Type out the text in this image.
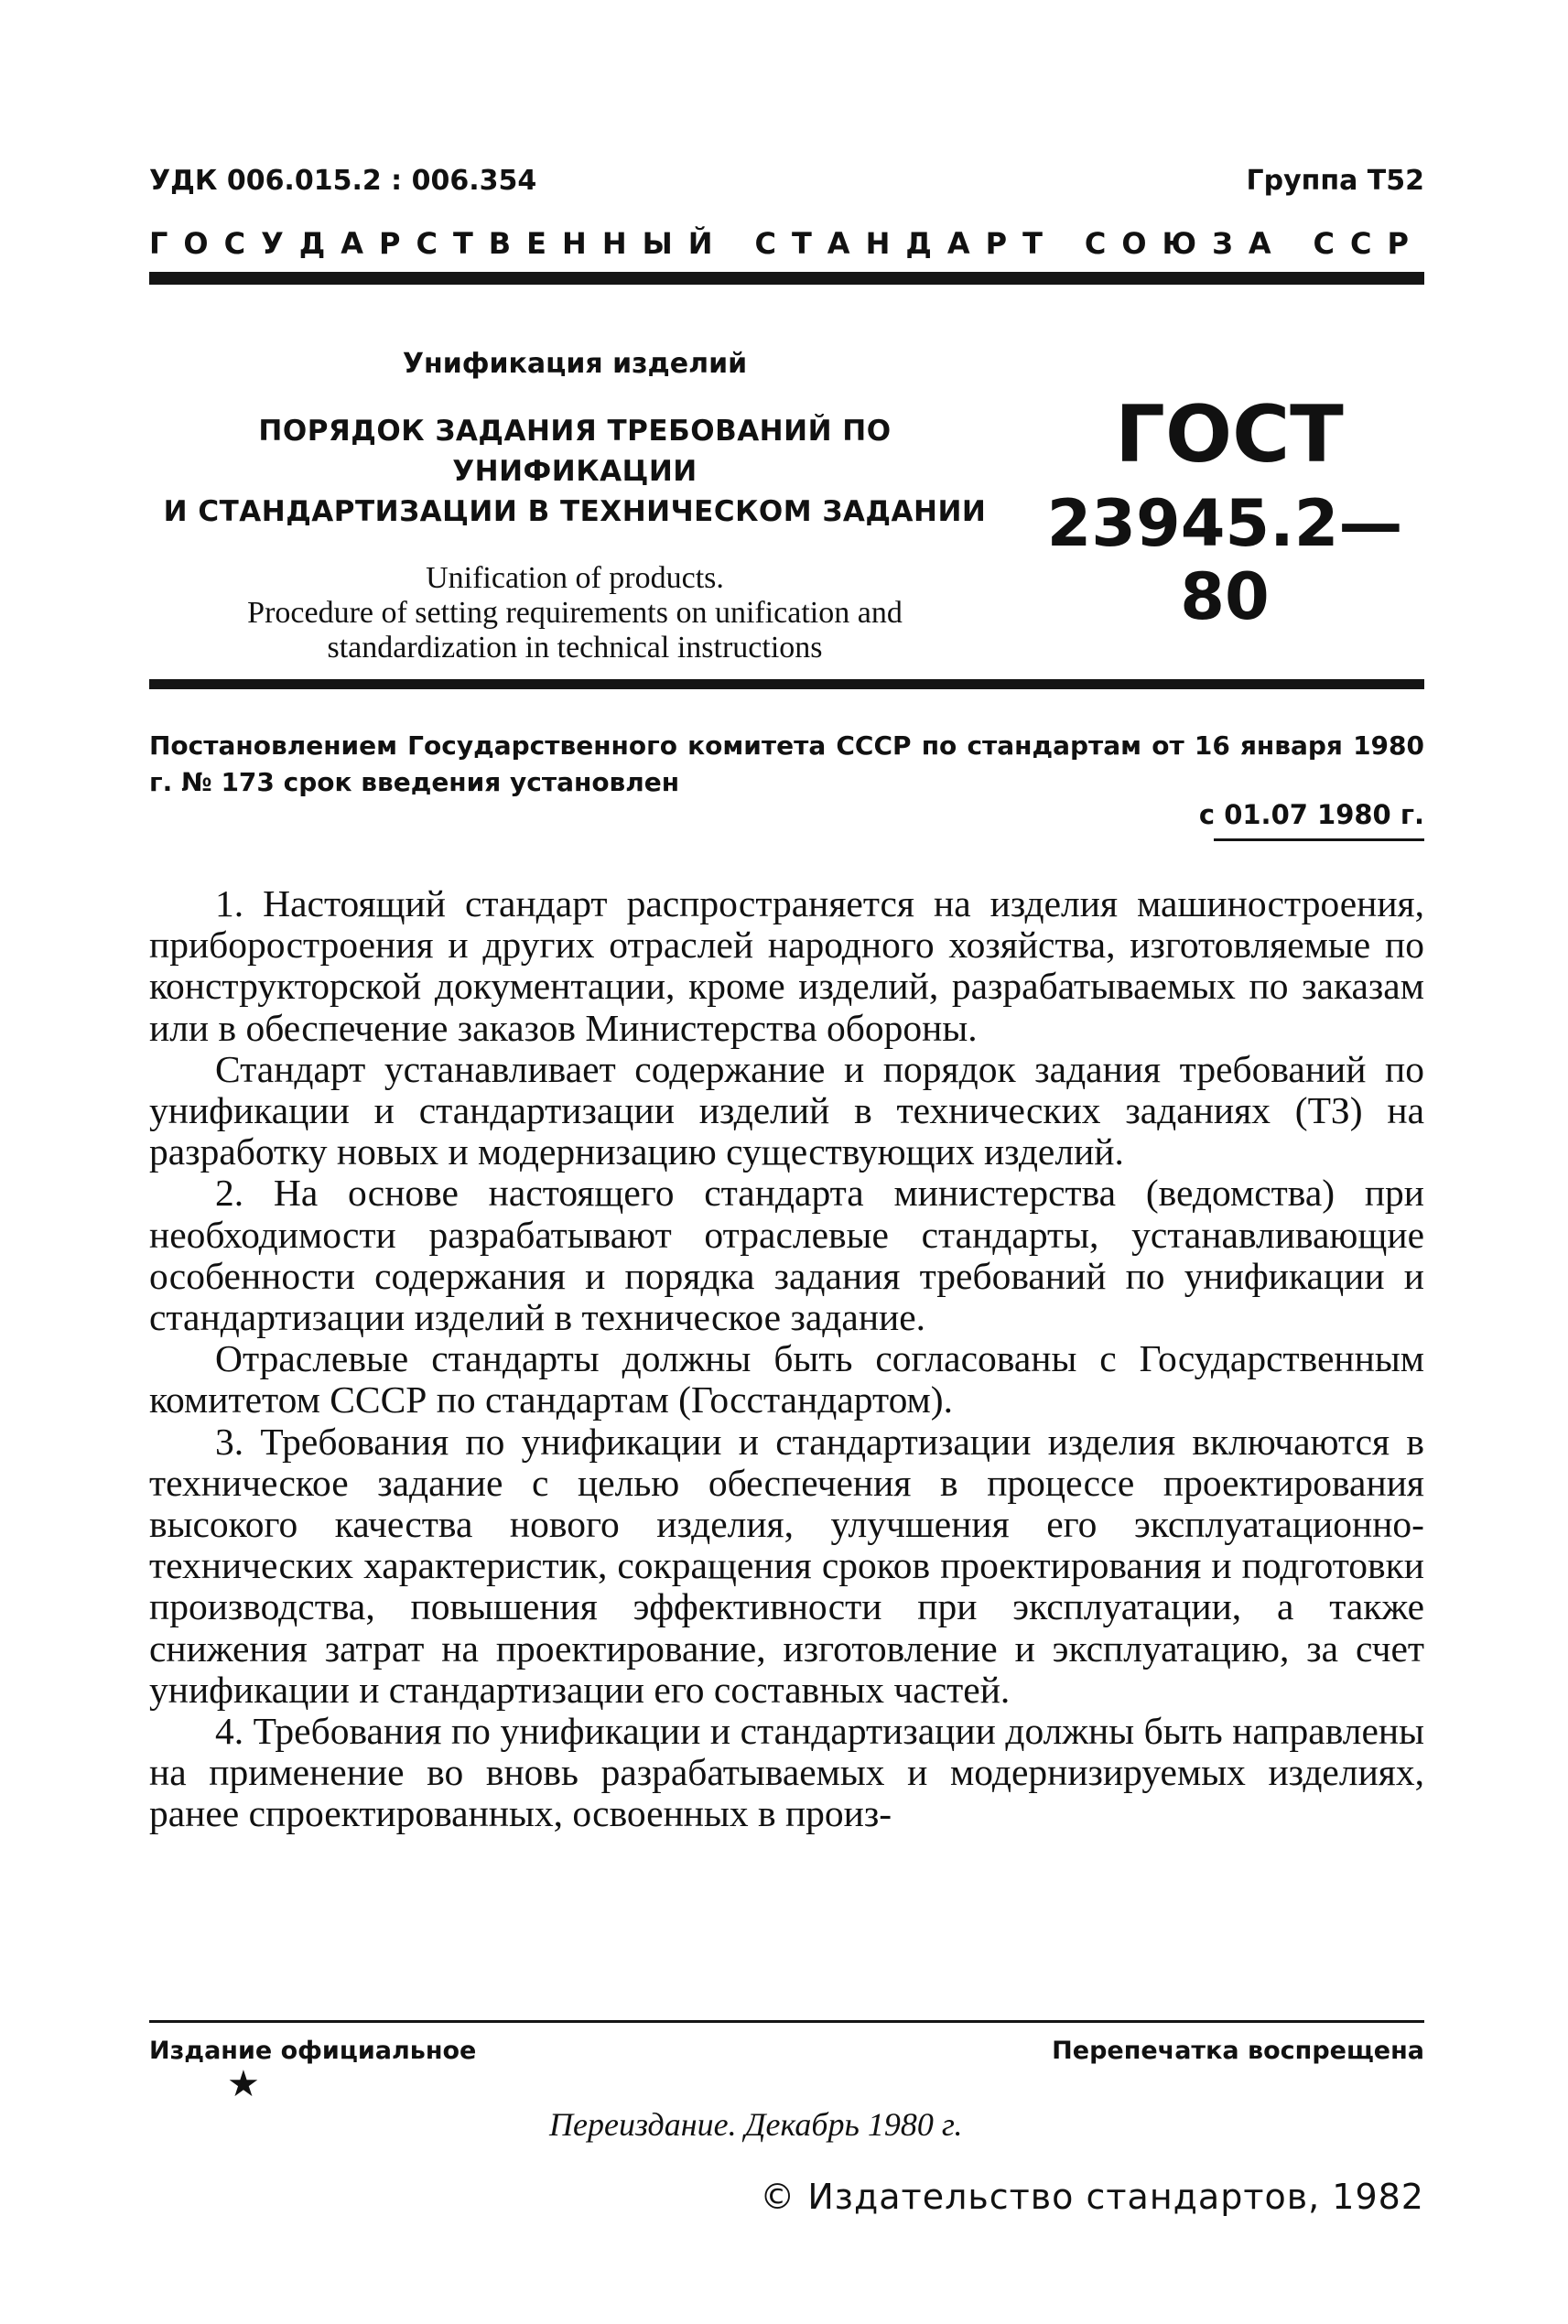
УДК 006.015.2 : 006.354	Группа Т52
ГОСУДАРСТВЕННЫЙ СТАНДАРТ СОЮЗА ССР
Унификация изделий
ПОРЯДОК ЗАДАНИЯ ТРЕБОВАНИЙ ПО УНИФИКАЦИИ
И СТАНДАРТИЗАЦИИ В ТЕХНИЧЕСКОМ ЗАДАНИИ
Unification of products.
Procedure of setting requirements on unification and
standardization in technical instructions
ГОСТ
23945.2—80
Постановлением Государственного комитета СССР по стандартам от 16 января 1980 г. № 173 срок введения установлен
с 01.07 1980 г.

1. Настоящий стандарт распространяется на изделия машиностроения, приборостроения и других отраслей народного хозяйства, изготовляемые по конструкторской документации, кроме изделий, разрабатываемых по заказам или в обеспечение заказов Министерства обороны.

Стандарт устанавливает содержание и порядок задания требований по унификации и стандартизации изделий в технических заданиях (ТЗ) на разработку новых и модернизацию существующих изделий.

2. На основе настоящего стандарта министерства (ведомства) при необходимости разрабатывают отраслевые стандарты, устанавливающие особенности содержания и порядка задания требований по унификации и стандартизации изделий в техническое задание.

Отраслевые стандарты должны быть согласованы с Государственным комитетом СССР по стандартам (Госстандартом).

3. Требования по унификации и стандартизации изделия включаются в техническое задание с целью обеспечения в процессе проектирования высокого качества нового изделия, улучшения его эксплуатационно-технических характеристик, сокращения сроков проектирования и подготовки производства, повышения эффективности при эксплуатации, а также снижения затрат на проектирование, изготовление и эксплуатацию, за счет унификации и стандартизации его составных частей.

4. Требования по унификации и стандартизации должны быть направлены на применение во вновь разрабатываемых и модернизируемых изделиях, ранее спроектированных, освоенных в произ-

Издание официальное
★
Перепечатка воспрещена
Переиздание. Декабрь 1980 г.
© Издательство стандартов, 1982
